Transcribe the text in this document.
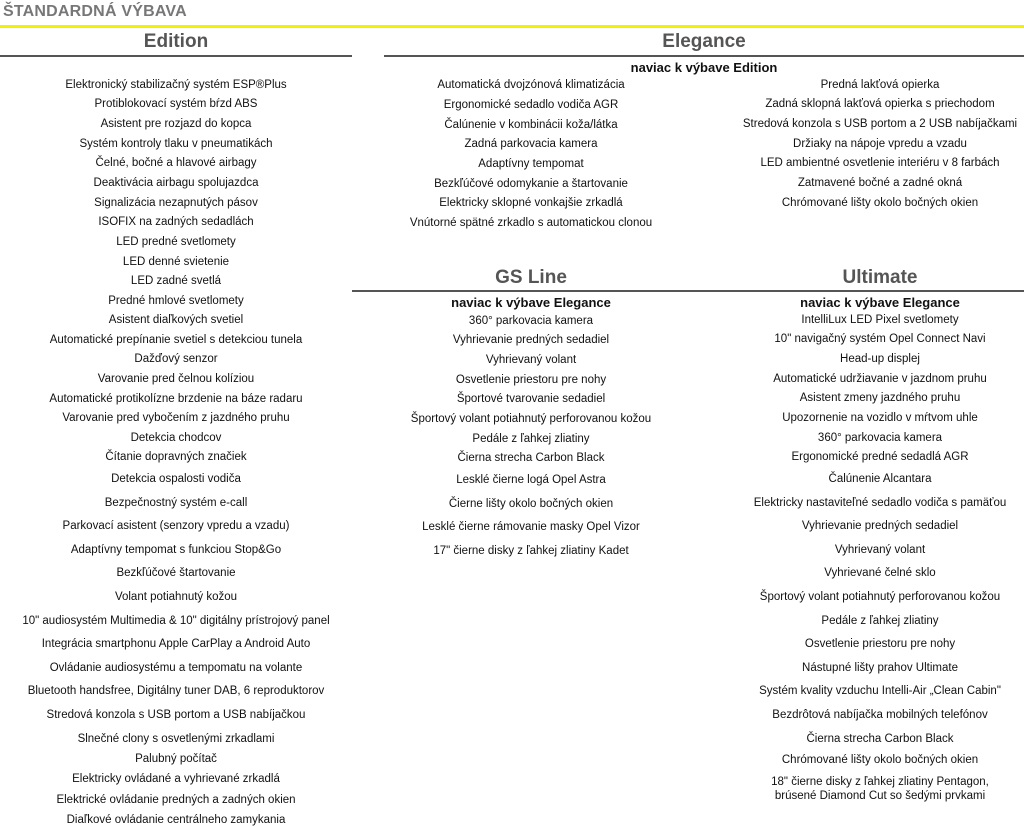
ŠTANDARDNÁ VÝBAVA
Edition	Elegance
naviac k výbave Edition
GS Line	Ultimate
naviac k výbave Elegance	naviac k výbave Elegance
Elektronický stabilizačný systém ESP®Plus
Protiblokovací systém bŕzd ABS
Asistent pre rozjazd do kopca
Systém kontroly tlaku v pneumatikách
Čelné, bočné a hlavové airbagy
Deaktivácia airbagu spolujazdca
Signalizácia nezapnutých pásov
ISOFIX na zadných sedadlách
LED predné svetlomety
LED denné svietenie
LED zadné svetlá
Predné hmlové svetlomety
Asistent diaľkových svetiel
Automatické prepínanie svetiel s detekciou tunela
Dažďový senzor
Varovanie pred čelnou kolíziou
Automatické protikolízne brzdenie na báze radaru
Varovanie pred vybočením z jazdného pruhu
Detekcia chodcov
Čítanie dopravných značiek
Detekcia ospalosti vodiča
Bezpečnostný systém e-call
Parkovací asistent (senzory vpredu a vzadu)
Adaptívny tempomat s funkciou Stop&Go
Bezkľúčové štartovanie
Volant potiahnutý kožou
10" audiosystém Multimedia & 10" digitálny prístrojový panel
Integrácia smartphonu Apple CarPlay a Android Auto
Ovládanie audiosystému a tempomatu na volante
Bluetooth handsfree, Digitálny tuner DAB, 6 reproduktorov
Stredová konzola s USB portom a USB nabíjačkou
Slnečné clony s osvetlenými zrkadlami
Palubný počítač
Elektricky ovládané a vyhrievané zrkadlá
Elektrické ovládanie predných a zadných okien
Diaľkové ovládanie centrálneho zamykania
Automatická dvojzónová klimatizácia
Ergonomické sedadlo vodiča AGR
Čalúnenie v kombinácii koža/látka
Zadná parkovacia kamera
Adaptívny tempomat
Bezkľúčové odomykanie a štartovanie
Elektricky sklopné vonkajšie zrkadlá
Vnútorné spätné zrkadlo s automatickou clonou
Predná lakťová opierka
Zadná sklopná lakťová opierka s priechodom
Stredová konzola s USB portom a 2 USB nabíjačkami
Držiaky na nápoje vpredu a vzadu
LED ambientné osvetlenie interiéru v 8 farbách
Zatmavené bočné a zadné okná
Chrómované lišty okolo bočných okien
360° parkovacia kamera
Vyhrievanie predných sedadiel
Vyhrievaný volant
Osvetlenie priestoru pre nohy
Športové tvarovanie sedadiel
Športový volant potiahnutý perforovanou kožou
Pedále z ľahkej zliatiny
Čierna strecha Carbon Black
Lesklé čierne logá Opel Astra
Čierne lišty okolo bočných okien
Lesklé čierne rámovanie masky Opel Vizor
17" čierne disky z ľahkej zliatiny Kadet
IntelliLux LED Pixel svetlomety
10" navigačný systém Opel Connect Navi
Head-up displej
Automatické udržiavanie v jazdnom pruhu
Asistent zmeny jazdného pruhu
Upozornenie na vozidlo v mŕtvom uhle
360° parkovacia kamera
Ergonomické predné sedadlá AGR
Čalúnenie Alcantara
Elektricky nastaviteľné sedadlo vodiča s pamäťou
Vyhrievanie predných sedadiel
Vyhrievaný volant
Vyhrievané čelné sklo
Športový volant potiahnutý perforovanou kožou
Pedále z ľahkej zliatiny
Osvetlenie priestoru pre nohy
Nástupné lišty prahov Ultimate
Systém kvality vzduchu Intelli-Air „Clean Cabin"
Bezdrôtová nabíjačka mobilných telefónov
Čierna strecha Carbon Black
Chrómované lišty okolo bočných okien
18" čierne disky z ľahkej zliatiny Pentagon, brúsené Diamond Cut so šedými prvkami
